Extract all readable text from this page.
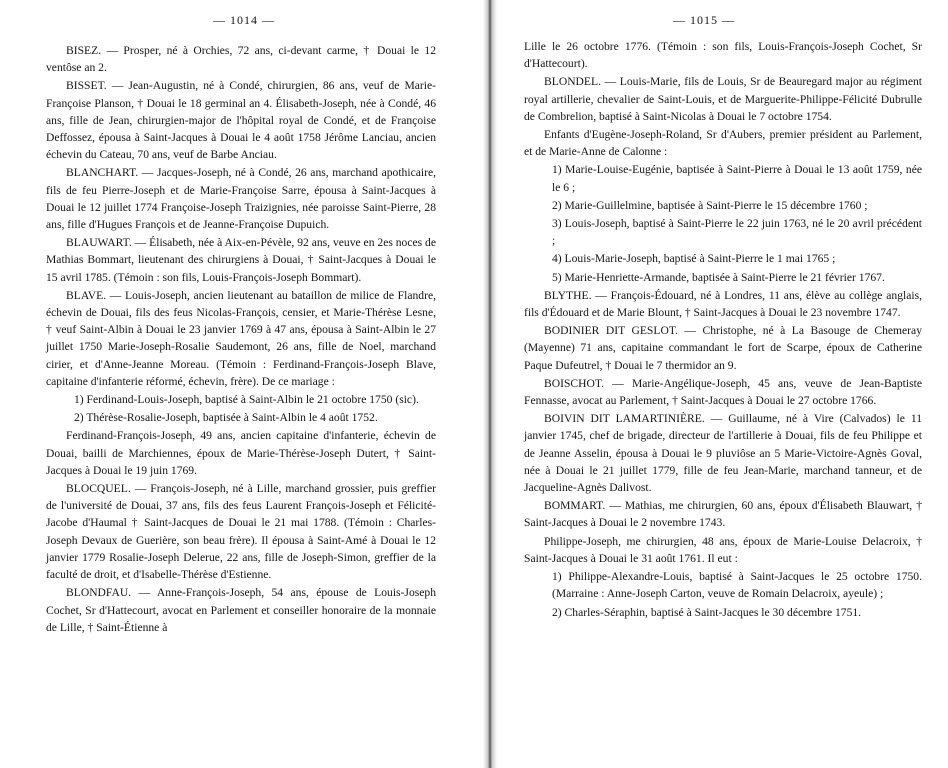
— 1014 —

BISEZ. — Prosper, né à Orchies, 72 ans, ci-devant carme, † Douai le 12 ventôse an 2.

BISSET. — Jean-Augustin, né à Condé, chirurgien, 86 ans, veuf de Marie-Françoise Planson, † Douai le 18 germinal an 4. Élisabeth-Joseph, née à Condé, 46 ans, fille de Jean, chirurgien-major de l'hôpital royal de Condé, et de Françoise Deffossez, épousa à Saint-Jacques à Douai le 4 août 1758 Jérôme Lanciau, ancien échevin du Cateau, 70 ans, veuf de Barbe Anciau.

BLANCHART. — Jacques-Joseph, né à Condé, 26 ans, marchand apothicaire, fils de feu Pierre-Joseph et de Marie-Françoise Sarre, épousa à Saint-Jacques à Douai le 12 juillet 1774 Françoise-Joseph Traizignies, née paroisse Saint-Pierre, 28 ans, fille d'Hugues François et de Jeanne-Françoise Dupuich.

BLAUWART. — Élisabeth, née à Aix-en-Pévèle, 92 ans, veuve en 2es noces de Mathias Bommart, lieutenant des chirurgiens à Douai, † Saint-Jacques à Douai le 15 avril 1785. (Témoin : son fils, Louis-François-Joseph Bommart).

BLAVE. — Louis-Joseph, ancien lieutenant au bataillon de milice de Flandre, échevin de Douai, fils des feus Nicolas-François, censier, et Marie-Thérèse Lesne, † veuf Saint-Albin à Douai le 23 janvier 1769 à 47 ans, épousa à Saint-Albin le 27 juillet 1750 Marie-Joseph-Rosalie Saudemont, 26 ans, fille de Noel, marchand cirier, et d'Anne-Jeanne Moreau. (Témoin : Ferdinand-François-Joseph Blave, capitaine d'infanterie réformé, échevin, frère). De ce mariage :

1) Ferdinand-Louis-Joseph, baptisé à Saint-Albin le 21 octobre 1750 (sic).

2) Thérèse-Rosalie-Joseph, baptisée à Saint-Albin le 4 août 1752.

Ferdinand-François-Joseph, 49 ans, ancien capitaine d'infanterie, échevin de Douai, bailli de Marchiennes, époux de Marie-Thérèse-Joseph Dutert, † Saint-Jacques à Douai le 19 juin 1769.

BLOCQUEL. — François-Joseph, né à Lille, marchand grossier, puis greffier de l'université de Douai, 37 ans, fils des feus Laurent François-Joseph et Félicité-Jacobe d'Haumal † Saint-Jacques de Douai le 21 mai 1788. (Témoin : Charles-Joseph Devaux de Guerière, son beau frère). Il épousa à Saint-Amé à Douai le 12 janvier 1779 Rosalie-Joseph Delerue, 22 ans, fille de Joseph-Simon, greffier de la faculté de droit, et d'Isabelle-Thérèse d'Estienne.

BLONDFAU. — Anne-François-Joseph, 54 ans, épouse de Louis-Joseph Cochet, Sr d'Hattecourt, avocat en Parlement et conseiller honoraire de la monnaie de Lille, † Saint-Étienne à

— 1015 —

Lille le 26 octobre 1776. (Témoin : son fils, Louis-François-Joseph Cochet, Sr d'Hattecourt).

BLONDEL. — Louis-Marie, fils de Louis, Sr de Beauregard major au régiment royal artillerie, chevalier de Saint-Louis, et de Marguerite-Philippe-Félicité Dubrulle de Combrelion, baptisé à Saint-Nicolas à Douai le 7 octobre 1754.

Enfants d'Eugène-Joseph-Roland, Sr d'Aubers, premier président au Parlement, et de Marie-Anne de Calonne :

1) Marie-Louise-Eugénie, baptisée à Saint-Pierre à Douai le 13 août 1759, née le 6 ;

2) Marie-Guillelmine, baptisée à Saint-Pierre le 15 décembre 1760 ;

3) Louis-Joseph, baptisé à Saint-Pierre le 22 juin 1763, né le 20 avril précédent ;

4) Louis-Marie-Joseph, baptisé à Saint-Pierre le 1 mai 1765 ;

5) Marie-Henriette-Armande, baptisée à Saint-Pierre le 21 février 1767.

BLYTHE. — François-Édouard, né à Londres, 11 ans, élève au collège anglais, fils d'Édouard et de Marie Blount, † Saint-Jacques à Douai le 23 novembre 1747.

BODINIER DIT GESLOT. — Christophe, né à La Basouge de Chemeray (Mayenne) 71 ans, capitaine commandant le fort de Scarpe, époux de Catherine Paque Dufeutrel, † Douai le 7 thermidor an 9.

BOISCHOT. — Marie-Angélique-Joseph, 45 ans, veuve de Jean-Baptiste Fennasse, avocat au Parlement, † Saint-Jacques à Douai le 27 octobre 1766.

BOIVIN DIT LAMARTINIÈRE. — Guillaume, né à Vire (Calvados) le 11 janvier 1745, chef de brigade, directeur de l'artillerie à Douai, fils de feu Philippe et de Jeanne Asselin, épousa à Douai le 9 pluviôse an 5 Marie-Victoire-Agnès Goval, née à Douai le 21 juillet 1779, fille de feu Jean-Marie, marchand tanneur, et de Jacqueline-Agnès Dalivost.

BOMMART. — Mathias, me chirurgien, 60 ans, époux d'Élisabeth Blauwart, † Saint-Jacques à Douai le 2 novembre 1743.

Philippe-Joseph, me chirurgien, 48 ans, époux de Marie-Louise Delacroix, † Saint-Jacques à Douai le 31 août 1761. Il eut :

1) Philippe-Alexandre-Louis, baptisé à Saint-Jacques le 25 octobre 1750. (Marraine : Anne-Joseph Carton, veuve de Romain Delacroix, ayeule) ;

2) Charles-Séraphin, baptisé à Saint-Jacques le 30 décembre 1751.
